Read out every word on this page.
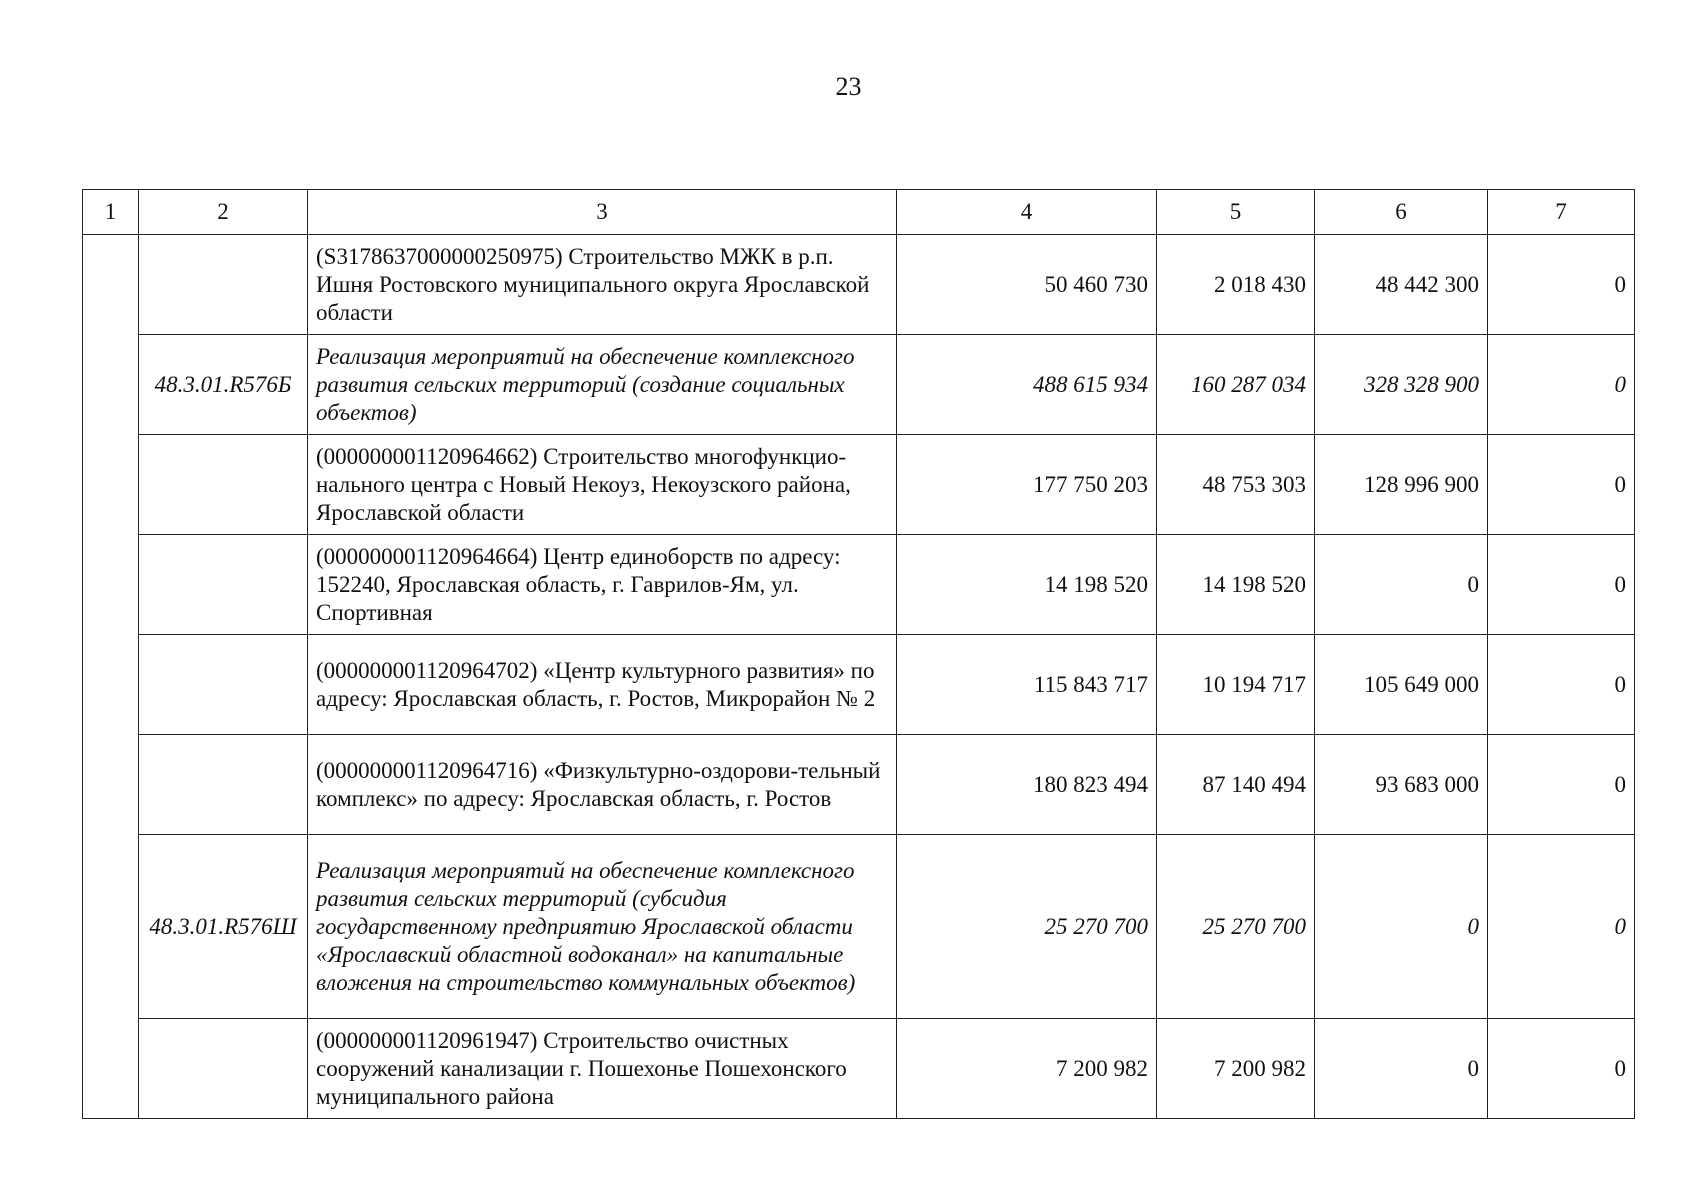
23
1	2	3	4	5	6	7
		(S3178637000000250975) Строительство МЖК в р.п. Ишня Ростовского муниципального округа Ярославской области	50 460 730	2 018 430	48 442 300	0
	48.3.01.R576Б	Реализация мероприятий на обеспечение комплексного развития сельских территорий (создание социальных объектов)	488 615 934	160 287 034	328 328 900	0
		(000000001120964662) Строительство многофункцио-нального центра с Новый Некоуз, Некоузского района, Ярославской области	177 750 203	48 753 303	128 996 900	0
		(000000001120964664) Центр единоборств по адресу: 152240, Ярославская область, г. Гаврилов-Ям, ул. Спортивная	14 198 520	14 198 520	0	0
		(000000001120964702) «Центр культурного развития» по адресу: Ярославская область, г. Ростов, Микрорайон № 2	115 843 717	10 194 717	105 649 000	0
		(000000001120964716) «Физкультурно-оздорови-тельный комплекс» по адресу: Ярославская область, г. Ростов	180 823 494	87 140 494	93 683 000	0
	48.3.01.R576Ш	Реализация мероприятий на обеспечение комплексного развития сельских территорий (субсидия государственному предприятию Ярославской области «Ярославский областной водоканал» на капитальные вложения на строительство коммунальных объектов)	25 270 700	25 270 700	0	0
		(000000001120961947) Строительство очистных сооружений канализации г. Пошехонье Пошехонского муниципального района	7 200 982	7 200 982	0	0
